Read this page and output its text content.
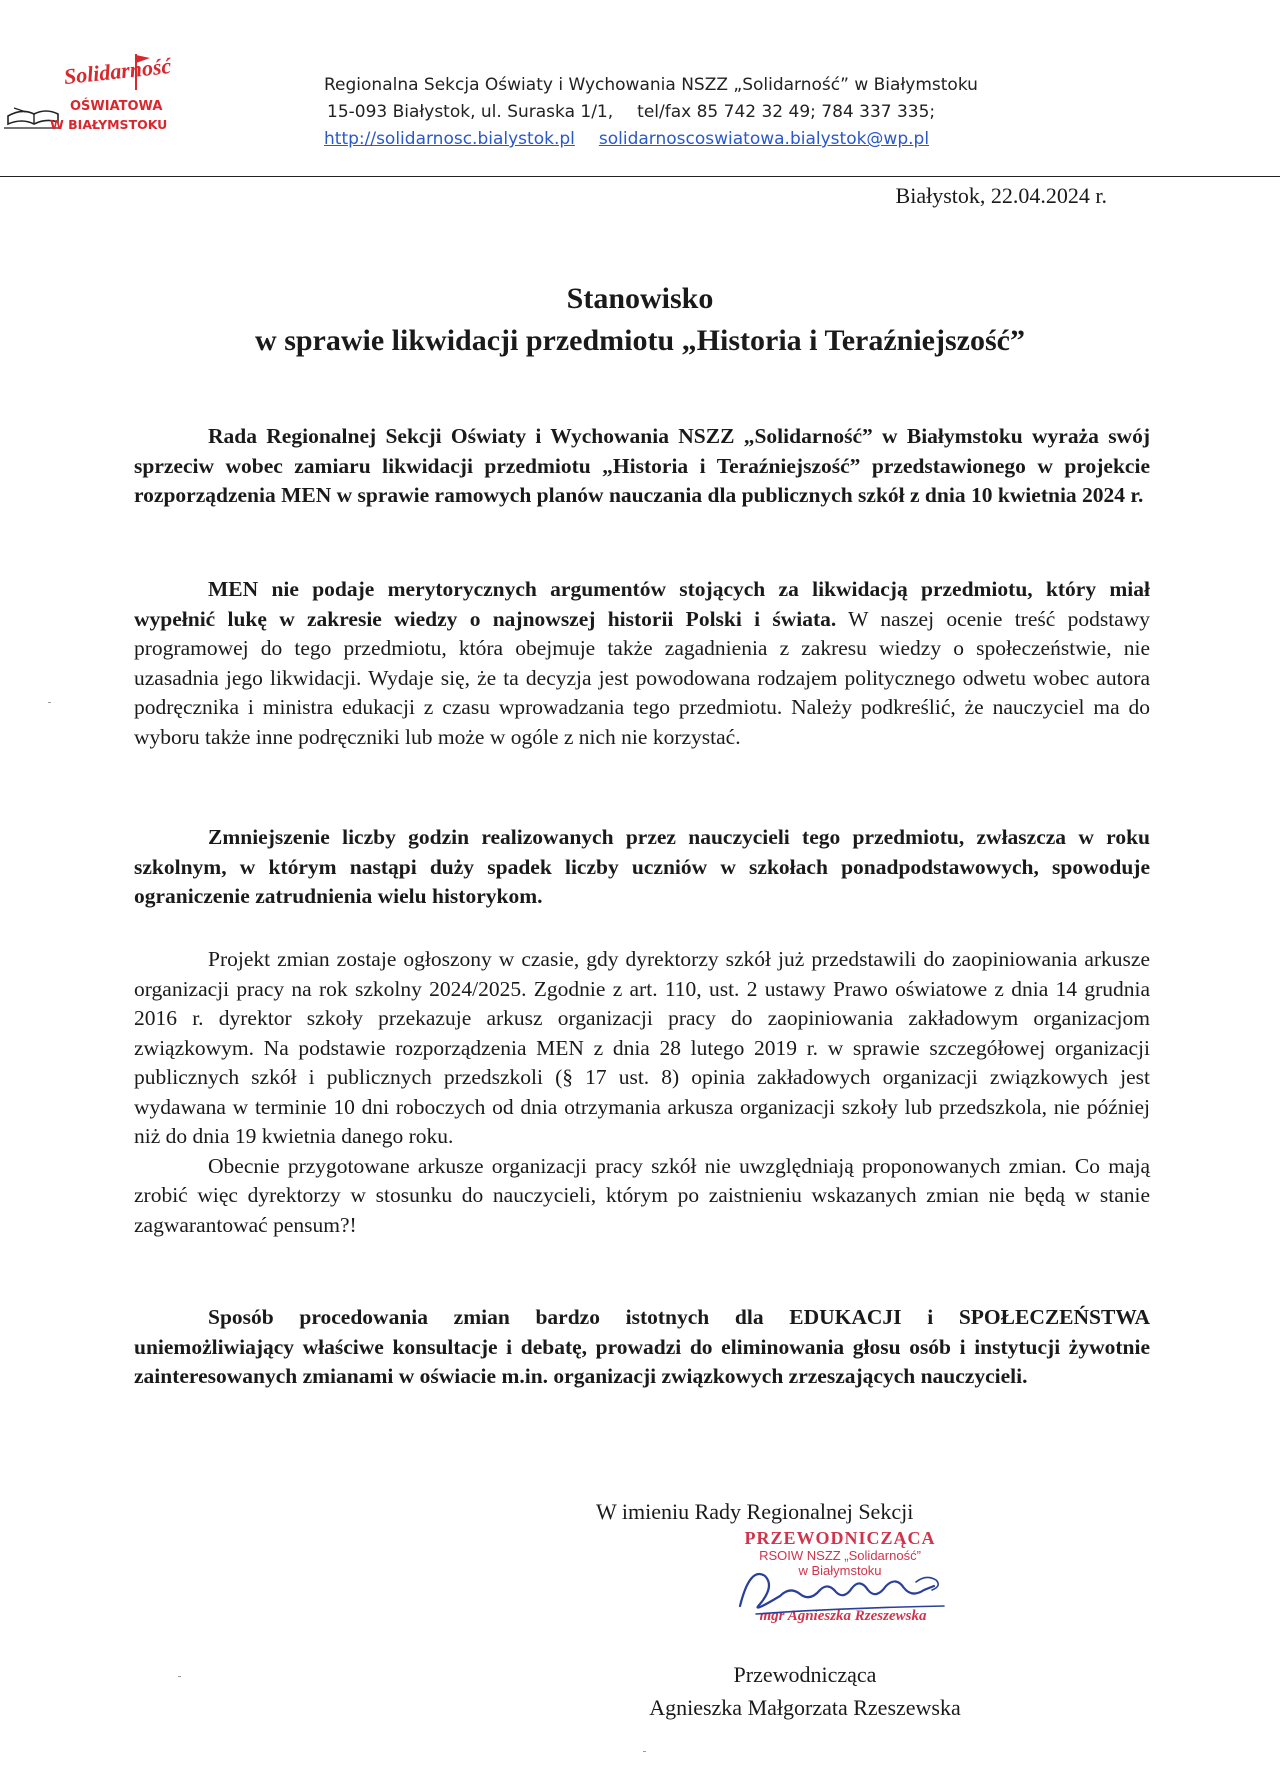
Solidarność
OŚWIATOWA
W BIAŁYMSTOKU
Regionalna Sekcja Oświaty i Wychowania NSZZ „Solidarność” w Białymstoku
15-093 Białystok, ul. Suraska 1/1, tel/fax 85 742 32 49; 784 337 335;
http://solidarnosc.bialystok.pl solidarnoscoswiatowa.bialystok@wp.pl
Białystok, 22.04.2024 r.
Stanowisko
w sprawie likwidacji przedmiotu „Historia i Teraźniejszość”
Rada Regionalnej Sekcji Oświaty i Wychowania NSZZ „Solidarność” w Białymstoku wyraża swój sprzeciw wobec zamiaru likwidacji przedmiotu „Historia i Teraźniejszość” przedstawionego w projekcie rozporządzenia MEN w sprawie ramowych planów nauczania dla publicznych szkół z dnia 10 kwietnia 2024 r.
MEN nie podaje merytorycznych argumentów stojących za likwidacją przedmiotu, który miał wypełnić lukę w zakresie wiedzy o najnowszej historii Polski i świata. W naszej ocenie treść podstawy programowej do tego przedmiotu, która obejmuje także zagadnienia z zakresu wiedzy o społeczeństwie, nie uzasadnia jego likwidacji. Wydaje się, że ta decyzja jest powodowana rodzajem politycznego odwetu wobec autora podręcznika i ministra edukacji z czasu wprowadzania tego przedmiotu. Należy podkreślić, że nauczyciel ma do wyboru także inne podręczniki lub może w ogóle z nich nie korzystać.
Zmniejszenie liczby godzin realizowanych przez nauczycieli tego przedmiotu, zwłaszcza w roku szkolnym, w którym nastąpi duży spadek liczby uczniów w szkołach ponadpodstawowych, spowoduje ograniczenie zatrudnienia wielu historykom.
Projekt zmian zostaje ogłoszony w czasie, gdy dyrektorzy szkół już przedstawili do zaopiniowania arkusze organizacji pracy na rok szkolny 2024/2025. Zgodnie z art. 110, ust. 2 ustawy Prawo oświatowe z dnia 14 grudnia 2016 r. dyrektor szkoły przekazuje arkusz organizacji pracy do zaopiniowania zakładowym organizacjom związkowym. Na podstawie rozporządzenia MEN z dnia 28 lutego 2019 r. w sprawie szczegółowej organizacji publicznych szkół i publicznych przedszkoli (§ 17 ust. 8) opinia zakładowych organizacji związkowych jest wydawana w terminie 10 dni roboczych od dnia otrzymania arkusza organizacji szkoły lub przedszkola, nie później niż do dnia 19 kwietnia danego roku.
Obecnie przygotowane arkusze organizacji pracy szkół nie uwzględniają proponowanych zmian. Co mają zrobić więc dyrektorzy w stosunku do nauczycieli, którym po zaistnieniu wskazanych zmian nie będą w stanie zagwarantować pensum?!
Sposób procedowania zmian bardzo istotnych dla EDUKACJI i SPOŁECZEŃSTWA uniemożliwiający właściwe konsultacje i debatę, prowadzi do eliminowania głosu osób i instytucji żywotnie zainteresowanych zmianami w oświacie m.in. organizacji związkowych zrzeszających nauczycieli.
W imieniu Rady Regionalnej Sekcji
PRZEWODNICZĄCA
RSOIW NSZZ „Solidarność”
w Białymstoku
mgr Agnieszka Rzeszewska
Przewodnicząca
Agnieszka Małgorzata Rzeszewska
